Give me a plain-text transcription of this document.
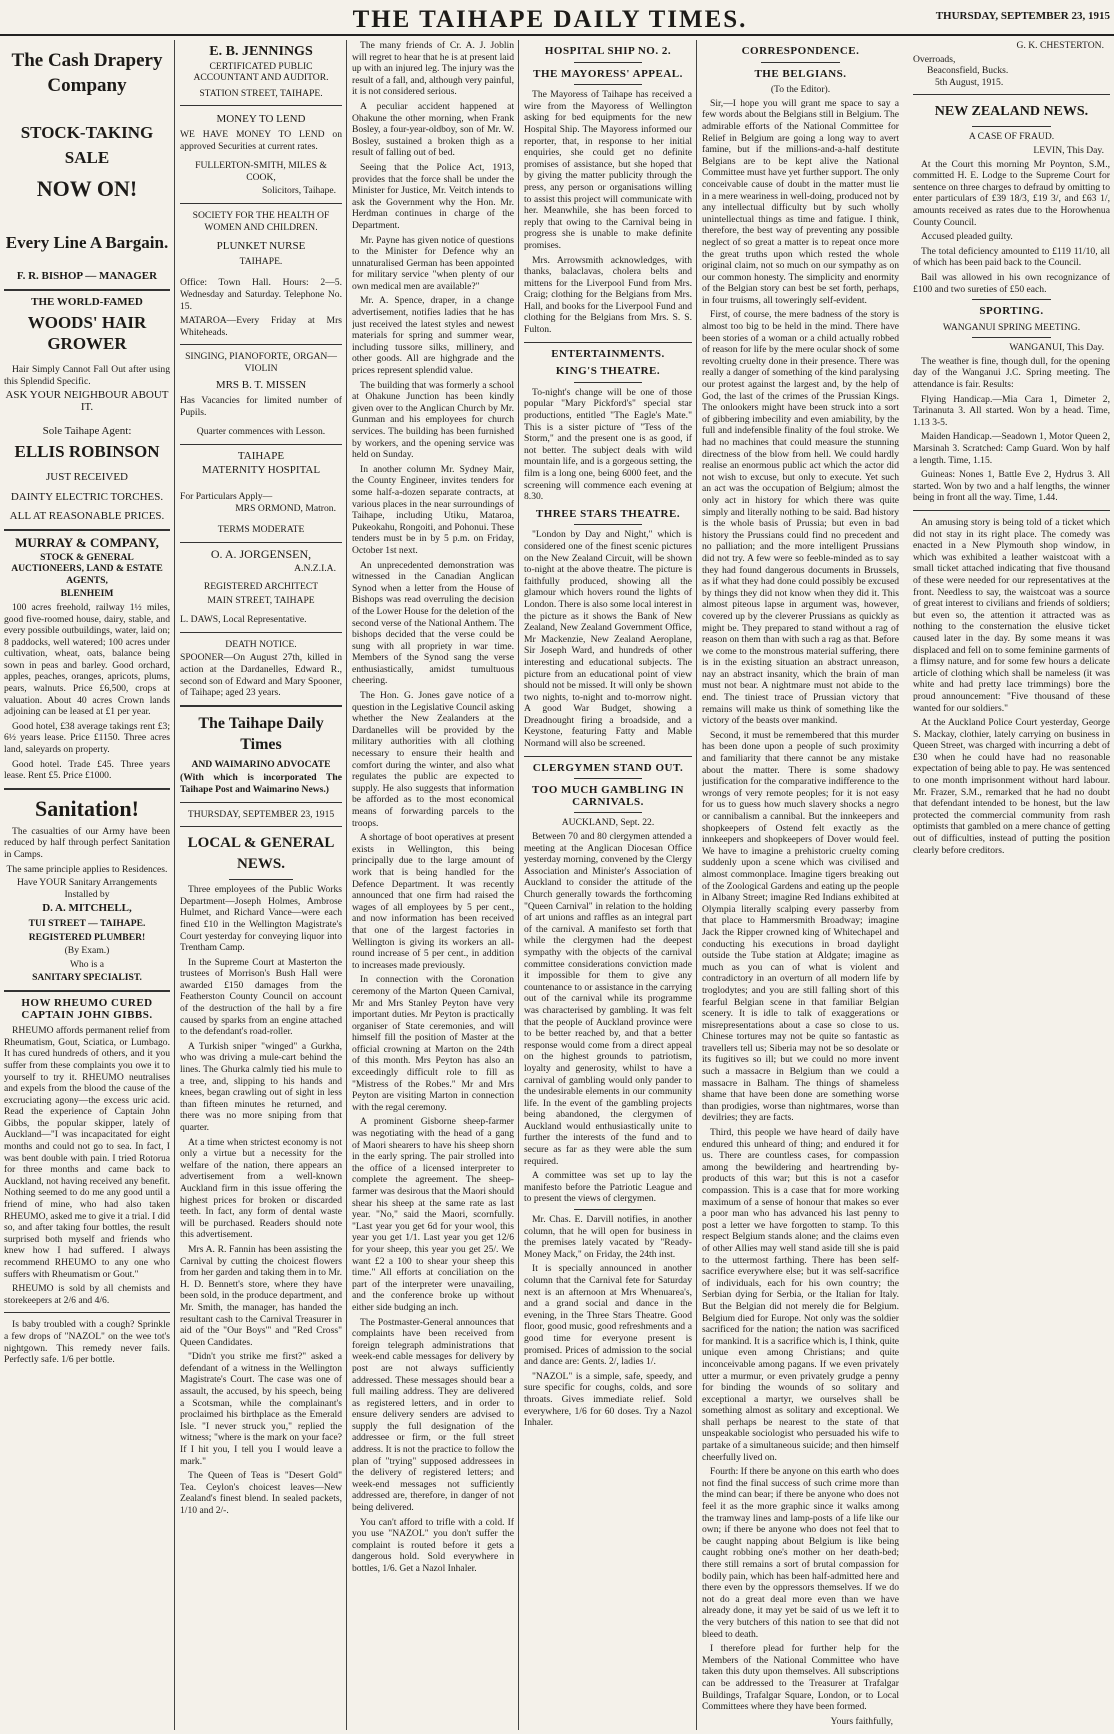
THE TAIHAPE DAILY TIMES.	THURSDAY, SEPTEMBER 23, 1915
The Cash Drapery
Company
STOCK-TAKING
SALE
NOW ON!
Every Line A Bargain.
F. R. BISHOP — MANAGER
THE WORLD-FAMED
WOODS' HAIR GROWER

Hair Simply Cannot Fall Out after using this Splendid Specific.

ASK YOUR NEIGHBOUR ABOUT IT.
Sole Taihape Agent:
ELLIS ROBINSON
JUST RECEIVED
DAINTY ELECTRIC TORCHES.
ALL AT REASONABLE PRICES.
MURRAY & COMPANY,
STOCK & GENERAL AUCTIONEERS, LAND & ESTATE AGENTS,
BLENHEIM

100 acres freehold, railway 1½ miles, good five-roomed house, dairy, stable, and every possible outbuildings, water, laid on; 8 paddocks, well watered; 100 acres under cultivation, wheat, oats, balance being sown in peas and barley. Good orchard, apples, peaches, oranges, apricots, plums, pears, walnuts. Price £6,500, crops at valuation. About 40 acres Crown lands adjoining can be leased at £1 per year.

Good hotel, £38 average takings rent £3; 6½ years lease. Price £1150. Three acres land, saleyards on property.

Good hotel. Trade £45. Three years lease. Rent £5. Price £1000.

Sanitation!

The casualties of our Army have been reduced by half through perfect Sanitation in Camps.

The same principle applies to Residences.
Have YOUR Sanitary Arrangements Installed by
D. A. MITCHELL,
TUI STREET — TAIHAPE.
REGISTERED PLUMBER!
(By Exam.)
Who is a
SANITARY SPECIALIST.
HOW RHEUMO CURED CAPTAIN JOHN GIBBS.

RHEUMO affords permanent relief from Rheumatism, Gout, Sciatica, or Lumbago. It has cured hundreds of others, and it you suffer from these complaints you owe it to yourself to try it. RHEUMO neutralises and expels from the blood the cause of the excruciating agony—the excess uric acid. Read the experience of Captain John Gibbs, the popular skipper, lately of Auckland—"I was incapacitated for eight months and could not go to sea. In fact, I was bent double with pain. I tried Rotorua for three months and came back to Auckland, not having received any benefit. Nothing seemed to do me any good until a friend of mine, who had also taken RHEUMO, asked me to give it a trial. I did so, and after taking four bottles, the result surprised both myself and friends who knew how I had suffered. I always recommend RHEUMO to any one who suffers with Rheumatism or Gout."

RHEUMO is sold by all chemists and storekeepers at 2/6 and 4/6.

Is baby troubled with a cough? Sprinkle a few drops of "NAZOL" on the wee tot's nightgown. This remedy never fails. Perfectly safe. 1/6 per bottle.

E. B. JENNINGS
CERTIFICATED PUBLIC ACCOUNTANT AND AUDITOR.
STATION STREET, TAIHAPE.
MONEY TO LEND

WE HAVE MONEY TO LEND on approved Securities at current rates.

FULLERTON-SMITH, MILES & COOK,
Solicitors, Taihape.
SOCIETY FOR THE HEALTH OF WOMEN AND CHILDREN.
PLUNKET NURSE
TAIHAPE.

Office: Town Hall. Hours: 2—5. Wednesday and Saturday. Telephone No. 15.

MATAROA—Every Friday at Mrs Whiteheads.

SINGING, PIANOFORTE, ORGAN—VIOLIN
MRS B. T. MISSEN

Has Vacancies for limited number of Pupils.

Quarter commences with Lesson.
TAIHAPE
MATERNITY HOSPITAL
For Particulars Apply—
MRS ORMOND, Matron.
TERMS MODERATE
O. A. JORGENSEN,
A.N.Z.I.A.
REGISTERED ARCHITECT
MAIN STREET, TAIHAPE
L. DAWS, Local Representative.
DEATH NOTICE.

SPOONER—On August 27th, killed in action at the Dardanelles, Edward R., second son of Edward and Mary Spooner, of Taihape; aged 23 years.

The Taihape Daily Times
AND WAIMARINO ADVOCATE

(With which is incorporated The Taihape Post and Waimarino News.)

THURSDAY, SEPTEMBER 23, 1915
LOCAL & GENERAL NEWS.

Three employees of the Public Works Department—Joseph Holmes, Ambrose Hulmet, and Richard Vance—were each fined £10 in the Wellington Magistrate's Court yesterday for conveying liquor into Trentham Camp.

In the Supreme Court at Masterton the trustees of Morrison's Bush Hall were awarded £150 damages from the Featherston County Council on account of the destruction of the hall by a fire caused by sparks from an engine attached to the defendant's road-roller.

A Turkish sniper "winged" a Gurkha, who was driving a mule-cart behind the lines. The Ghurka calmly tied his mule to a tree, and, slipping to his hands and knees, began crawling out of sight in less than fifteen minutes he returned, and there was no more sniping from that quarter.

At a time when strictest economy is not only a virtue but a necessity for the welfare of the nation, there appears an advertisement from a well-known Auckland firm in this issue offering the highest prices for broken or discarded teeth. In fact, any form of dental waste will be purchased. Readers should note this advertisement.

Mrs A. R. Fannin has been assisting the Carnival by cutting the choicest flowers from her garden and taking them in to Mr. H. D. Bennett's store, where they have been sold, in the produce department, and Mr. Smith, the manager, has handed the resultant cash to the Carnival Treasurer in aid of the "Our Boys'" and "Red Cross" Queen Candidates.

"Didn't you strike me first?" asked a defendant of a witness in the Wellington Magistrate's Court. The case was one of assault, the accused, by his speech, being a Scotsman, while the complainant's proclaimed his birthplace as the Emerald Isle. "I never struck you," replied the witness; "where is the mark on your face? If I hit you, I tell you I would leave a mark."

The Queen of Teas is "Desert Gold" Tea. Ceylon's choicest leaves—New Zealand's finest blend. In sealed packets, 1/10 and 2/-.

The many friends of Cr. A. J. Joblin will regret to hear that he is at present laid up with an injured leg. The injury was the result of a fall, and, although very painful, it is not considered serious.

A peculiar accident happened at Ohakune the other morning, when Frank Bosley, a four-year-oldboy, son of Mr. W. Bosley, sustained a broken thigh as a result of falling out of bed.

Seeing that the Police Act, 1913, provides that the force shall be under the Minister for Justice, Mr. Veitch intends to ask the Government why the Hon. Mr. Herdman continues in charge of the Department.

Mr. Payne has given notice of questions to the Minister for Defence why an unnaturalised German has been appointed for military service "when plenty of our own medical men are available?"

Mr. A. Spence, draper, in a change advertisement, notifies ladies that he has just received the latest styles and newest materials for spring and summer wear, including tussore silks, millinery, and other goods. All are highgrade and the prices represent splendid value.

The building that was formerly a school at Ohakune Junction has been kindly given over to the Anglican Church by Mr. Gunman and his employees for church services. The building has been furnished by workers, and the opening service was held on Sunday.

In another column Mr. Sydney Mair, the County Engineer, invites tenders for some half-a-dozen separate contracts, at various places in the near surroundings of Taihape, including Utiku, Mataroa, Pukeokahu, Rongoiti, and Pohonui. These tenders must be in by 5 p.m. on Friday, October 1st next.

An unprecedented demonstration was witnessed in the Canadian Anglican Synod when a letter from the House of Bishops was read overruling the decision of the Lower House for the deletion of the second verse of the National Anthem. The bishops decided that the verse could be sung with all propriety in war time. Members of the Synod sang the verse enthusiastically, amidst tumultuous cheering.

The Hon. G. Jones gave notice of a question in the Legislative Council asking whether the New Zealanders at the Dardanelles will be provided by the military authorities with all clothing necessary to ensure their health and comfort during the winter, and also what regulates the public are expected to supply. He also suggests that information be afforded as to the most economical means of forwarding parcels to the troops.

A shortage of boot operatives at present exists in Wellington, this being principally due to the large amount of work that is being handled for the Defence Department. It was recently announced that one firm had raised the wages of all employees by 5 per cent., and now information has been received that one of the largest factories in Wellington is giving its workers an all-round increase of 5 per cent., in addition to increases made previously.

In connection with the Coronation ceremony of the Marton Queen Carnival, Mr and Mrs Stanley Peyton have very important duties. Mr Peyton is practically organiser of State ceremonies, and will himself fill the position of Master at the official crowning at Marton on the 24th of this month. Mrs Peyton has also an exceedingly difficult role to fill as "Mistress of the Robes." Mr and Mrs Peyton are visiting Marton in connection with the regal ceremony.

A prominent Gisborne sheep-farmer was negotiating with the head of a gang of Maori shearers to have his sheep shorn in the early spring. The pair strolled into the office of a licensed interpreter to complete the agreement. The sheep-farmer was desirous that the Maori should shear his sheep at the same rate as last year. "No," said the Maori, scornfully. "Last year you get 6d for your wool, this year you get 1/1. Last year you get 12/6 for your sheep, this year you get 25/. We want £2 a 100 to shear your sheep this time." All efforts at conciliation on the part of the interpreter were unavailing, and the conference broke up without either side budging an inch.

The Postmaster-General announces that complaints have been received from foreign telegraph administrations that week-end cable messages for delivery by post are not always sufficiently addressed. These messages should bear a full mailing address. They are delivered as registered letters, and in order to ensure delivery senders are advised to supply the full designation of the addressee or firm, or the full street address. It is not the practice to follow the plan of "trying" supposed addressees in the delivery of registered letters; and week-end messages not sufficiently addressed are, therefore, in danger of not being delivered.

You can't afford to trifle with a cold. If you use "NAZOL" you don't suffer the complaint is routed before it gets a dangerous hold. Sold everywhere in bottles, 1/6. Get a Nazol Inhaler.

HOSPITAL SHIP NO. 2.
THE MAYORESS' APPEAL.

The Mayoress of Taihape has received a wire from the Mayoress of Wellington asking for bed equipments for the new Hospital Ship. The Mayoress informed our reporter, that, in response to her initial enquiries, she could get no definite promises of assistance, but she hoped that by giving the matter publicity through the press, any person or organisations willing to assist this project will communicate with her. Meanwhile, she has been forced to reply that owing to the Carnival being in progress she is unable to make definite promises.

Mrs. Arrowsmith acknowledges, with thanks, balaclavas, cholera belts and mittens for the Liverpool Fund from Mrs. Craig; clothing for the Belgians from Mrs. Hall, and books for the Liverpool Fund and clothing for the Belgians from Mrs. S. S. Fulton.

ENTERTAINMENTS.
KING'S THEATRE.

To-night's change will be one of those popular "Mary Pickford's" special star productions, entitled "The Eagle's Mate." This is a sister picture of "Tess of the Storm," and the present one is as good, if not better. The subject deals with wild mountain life, and is a gorgeous setting, the film is a long one, being 6000 feet, and the screening will commence each evening at 8.30.

THREE STARS THEATRE.

"London by Day and Night," which is considered one of the finest scenic pictures on the New Zealand Circuit, will be shown to-night at the above theatre. The picture is faithfully produced, showing all the glamour which hovers round the lights of London. There is also some local interest in the picture as it shows the Bank of New Zealand, New Zealand Government Office, Mr Mackenzie, New Zealand Aeroplane, Sir Joseph Ward, and hundreds of other interesting and educational subjects. The picture from an educational point of view should not be missed. It will only be shown two nights, to-night and to-morrow night. A good War Budget, showing a Dreadnought firing a broadside, and a Keystone, featuring Fatty and Mable Normand will also be screened.

CLERGYMEN STAND OUT.
TOO MUCH GAMBLING IN CARNIVALS.
AUCKLAND, Sept. 22.

Between 70 and 80 clergymen attended a meeting at the Anglican Diocesan Office yesterday morning, convened by the Clergy Association and Minister's Association of Auckland to consider the attitude of the Church generally towards the forthcoming "Queen Carnival" in relation to the holding of art unions and raffles as an integral part of the carnival. A manifesto set forth that while the clergymen had the deepest sympathy with the objects of the carnival committee considerations conviction made it impossible for them to give any countenance to or assistance in the carrying out of the carnival while its programme was characterised by gambling. It was felt that the people of Auckland province were to be better reached by, and that a better response would come from a direct appeal on the highest grounds to patriotism, loyalty and generosity, whilst to have a carnival of gambling would only pander to the undesirable elements in our community life. In the event of the gambling projects being abandoned, the clergymen of Auckland would enthusiastically unite to further the interests of the fund and to secure as far as they were able the sum required.

A committee was set up to lay the manifesto before the Patriotic League and to present the views of clergymen.

Mr. Chas. E. Darvill notifies, in another column, that he will open for business in the premises lately vacated by "Ready-Money Mack," on Friday, the 24th inst.

It is specially announced in another column that the Carnival fete for Saturday next is an afternoon at Mrs Whenuarea's, and a grand social and dance in the evening, in the Three Stars Theatre. Good floor, good music, good refreshments and a good time for everyone present is promised. Prices of admission to the social and dance are: Gents. 2/, ladies 1/.

"NAZOL" is a simple, safe, speedy, and sure specific for coughs, colds, and sore throats. Gives immediate relief. Sold everywhere, 1/6 for 60 doses. Try a Nazol Inhaler.

CORRESPONDENCE.
THE BELGIANS.
(To the Editor).

Sir,—I hope you will grant me space to say a few words about the Belgians still in Belgium. The admirable efforts of the National Committee for Relief in Belgium are going a long way to avert famine, but if the millions-and-a-half destitute Belgians are to be kept alive the National Committee must have yet further support. The only conceivable cause of doubt in the matter must lie in a mere weariness in well-doing, produced not by any intellectual difficulty but by such wholly unintellectual things as time and fatigue. I think, therefore, the best way of preventing any possible neglect of so great a matter is to repeat once more the great truths upon which rested the whole original claim, not so much on our sympathy as on our common honesty. The simplicity and enormity of the Belgian story can best be set forth, perhaps, in four truisms, all toweringly self-evident.

First, of course, the mere badness of the story is almost too big to be held in the mind. There have been stories of a woman or a child actually robbed of reason for life by the mere ocular shock of some revolting cruelty done in their presence. There was really a danger of something of the kind paralysing our protest against the largest and, by the help of God, the last of the crimes of the Prussian Kings. The onlookers might have been struck into a sort of gibbering imbecility and even amiability, by the full and indefensible finality of the foul stroke. We had no machines that could measure the stunning directness of the blow from hell. We could hardly realise an enormous public act which the actor did not wish to excuse, but only to execute. Yet such an act was the occupation of Belgium; almost the only act in history for which there was quite simply and literally nothing to be said. Bad history is the whole basis of Prussia; but even in bad history the Prussians could find no precedent and no palliation; and the more intelligent Prussians did not try. A few were so feeble-minded as to say they had found dangerous documents in Brussels, as if what they had done could possibly be excused by things they did not know when they did it. This almost piteous lapse in argument was, however, covered up by the cleverer Prussians as quickly as might be. They prepared to stand without a rag of reason on them than with such a rag as that. Before we come to the monstrous material suffering, there is in the existing situation an abstract unreason, nay an abstract insanity, which the brain of man must not bear. A nightmare must not abide to the end. The tiniest trace of Prussian victory that remains will make us think of something like the victory of the beasts over mankind.

Second, it must be remembered that this murder has been done upon a people of such proximity and familiarity that there cannot be any mistake about the matter. There is some shadowy justification for the comparative indifference to the wrongs of very remote peoples; for it is not easy for us to guess how much slavery shocks a negro or cannibalism a cannibal. But the innkeepers and shopkeepers of Ostend felt exactly as the innkeepers and shopkeepers of Dover would feel. We have to imagine a prehistoric cruelty coming suddenly upon a scene which was civilised and almost commonplace. Imagine tigers breaking out of the Zoological Gardens and eating up the people in Albany Street; imagine Red Indians exhibited at Olympia literally scalping every passerby from that place to Hammersmith Broadway; imagine Jack the Ripper crowned king of Whitechapel and conducting his executions in broad daylight outside the Tube station at Aldgate; imagine as much as you can of what is violent and contradictory in an overturn of all modern life by troglodytes; and you are still falling short of this fearful Belgian scene in that familiar Belgian scenery. It is idle to talk of exaggerations or misrepresentations about a case so close to us. Chinese tortures may not be quite so fantastic as travellers tell us; Siberia may not be so desolate or its fugitives so ill; but we could no more invent such a massacre in Belgium than we could a massacre in Balham. The things of shameless shame that have been done are something worse than prodigies, worse than nightmares, worse than devilries; they are facts.

Third, this people we have heard of daily have endured this unheard of thing; and endured it for us. There are countless cases, for compassion among the bewildering and heartrending by-products of this war; but this is not a casefor compassion. This is a case that for more working maximum of a sense of honour that makes so ever a poor man who has advanced his last penny to post a letter we have forgotten to stamp. To this respect Belgium stands alone; and the claims even of other Allies may well stand aside till she is paid to the uttermost farthing. There has been self-sacrifice everywhere else; but it was self-sacrifice of individuals, each for his own country; the Serbian dying for Serbia, or the Italian for Italy. But the Belgian did not merely die for Belgium. Belgium died for Europe. Not only was the soldier sacrificed for the nation; the nation was sacrificed for mankind. It is a sacrifice which is, I think, quite unique even among Christians; and quite inconceivable among pagans. If we even privately utter a murmur, or even privately grudge a penny for binding the wounds of so solitary and exceptional a martyr, we ourselves shall be something almost as solitary and exceptional. We shall perhaps be nearest to the state of that unspeakable sociologist who persuaded his wife to partake of a simultaneous suicide; and then himself cheerfully lived on.

Fourth: If there be anyone on this earth who does not find the final success of such crime more than the mind can bear; if there be anyone who does not feel it as the more graphic since it walks among the tramway lines and lamp-posts of a life like our own; if there be anyone who does not feel that to be caught napping about Belgium is like being caught robbing one's mother on her death-bed; there still remains a sort of brutal compassion for bodily pain, which has been half-admitted here and there even by the oppressors themselves. If we do not do a great deal more even than we have already done, it may yet be said of us we left it to the very butchers of this nation to see that did not bleed to death.

I therefore plead for further help for the Members of the National Committee who have taken this duty upon themselves. All subscriptions can be addressed to the Treasurer at Trafalgar Buildings, Trafalgar Square, London, or to Local Committees where they have been formed.

Yours faithfully,
G. K. CHESTERTON.
Overroads,
Beaconsfield, Bucks.
5th August, 1915.
NEW ZEALAND NEWS.
A CASE OF FRAUD.
LEVIN, This Day.

At the Court this morning Mr Poynton, S.M., committed H. E. Lodge to the Supreme Court for sentence on three charges to defraud by omitting to enter particulars of £39 18/3, £19 3/, and £63 1/, amounts received as rates due to the Horowhenua County Council.

Accused pleaded guilty.

The total deficiency amounted to £119 11/10, all of which has been paid back to the Council.

Bail was allowed in his own recognizance of £100 and two sureties of £50 each.

SPORTING.
WANGANUI SPRING MEETING.
WANGANUI, This Day.

The weather is fine, though dull, for the opening day of the Wanganui J.C. Spring meeting. The attendance is fair. Results:

Flying Handicap.—Mia Cara 1, Dimeter 2, Tarinanuta 3. All started. Won by a head. Time, 1.13 3-5.

Maiden Handicap.—Seadown 1, Motor Queen 2, Marsinah 3. Scratched: Camp Guard. Won by half a length. Time, 1.15.

Guineas: Nones 1, Battle Eve 2, Hydrus 3. All started. Won by two and a half lengths, the winner being in front all the way. Time, 1.44.

An amusing story is being told of a ticket which did not stay in its right place. The comedy was enacted in a New Plymouth shop window, in which was exhibited a leather waistcoat with a small ticket attached indicating that five thousand of these were needed for our representatives at the front. Needless to say, the waistcoat was a source of great interest to civilians and friends of soldiers; but even so, the attention it attracted was as nothing to the consternation the elusive ticket caused later in the day. By some means it was displaced and fell on to some feminine garments of a flimsy nature, and for some few hours a delicate article of clothing which shall be nameless (it was white and had pretty lace trimmings) bore the proud announcement: "Five thousand of these wanted for our soldiers."

At the Auckland Police Court yesterday, George S. Mackay, clothier, lately carrying on business in Queen Street, was charged with incurring a debt of £30 when he could have had no reasonable expectation of being able to pay. He was sentenced to one month imprisonment without hard labour. Mr. Frazer, S.M., remarked that he had no doubt that defendant intended to be honest, but the law protected the commercial community from rash optimists that gambled on a mere chance of getting out of difficulties, instead of putting the position clearly before creditors.
